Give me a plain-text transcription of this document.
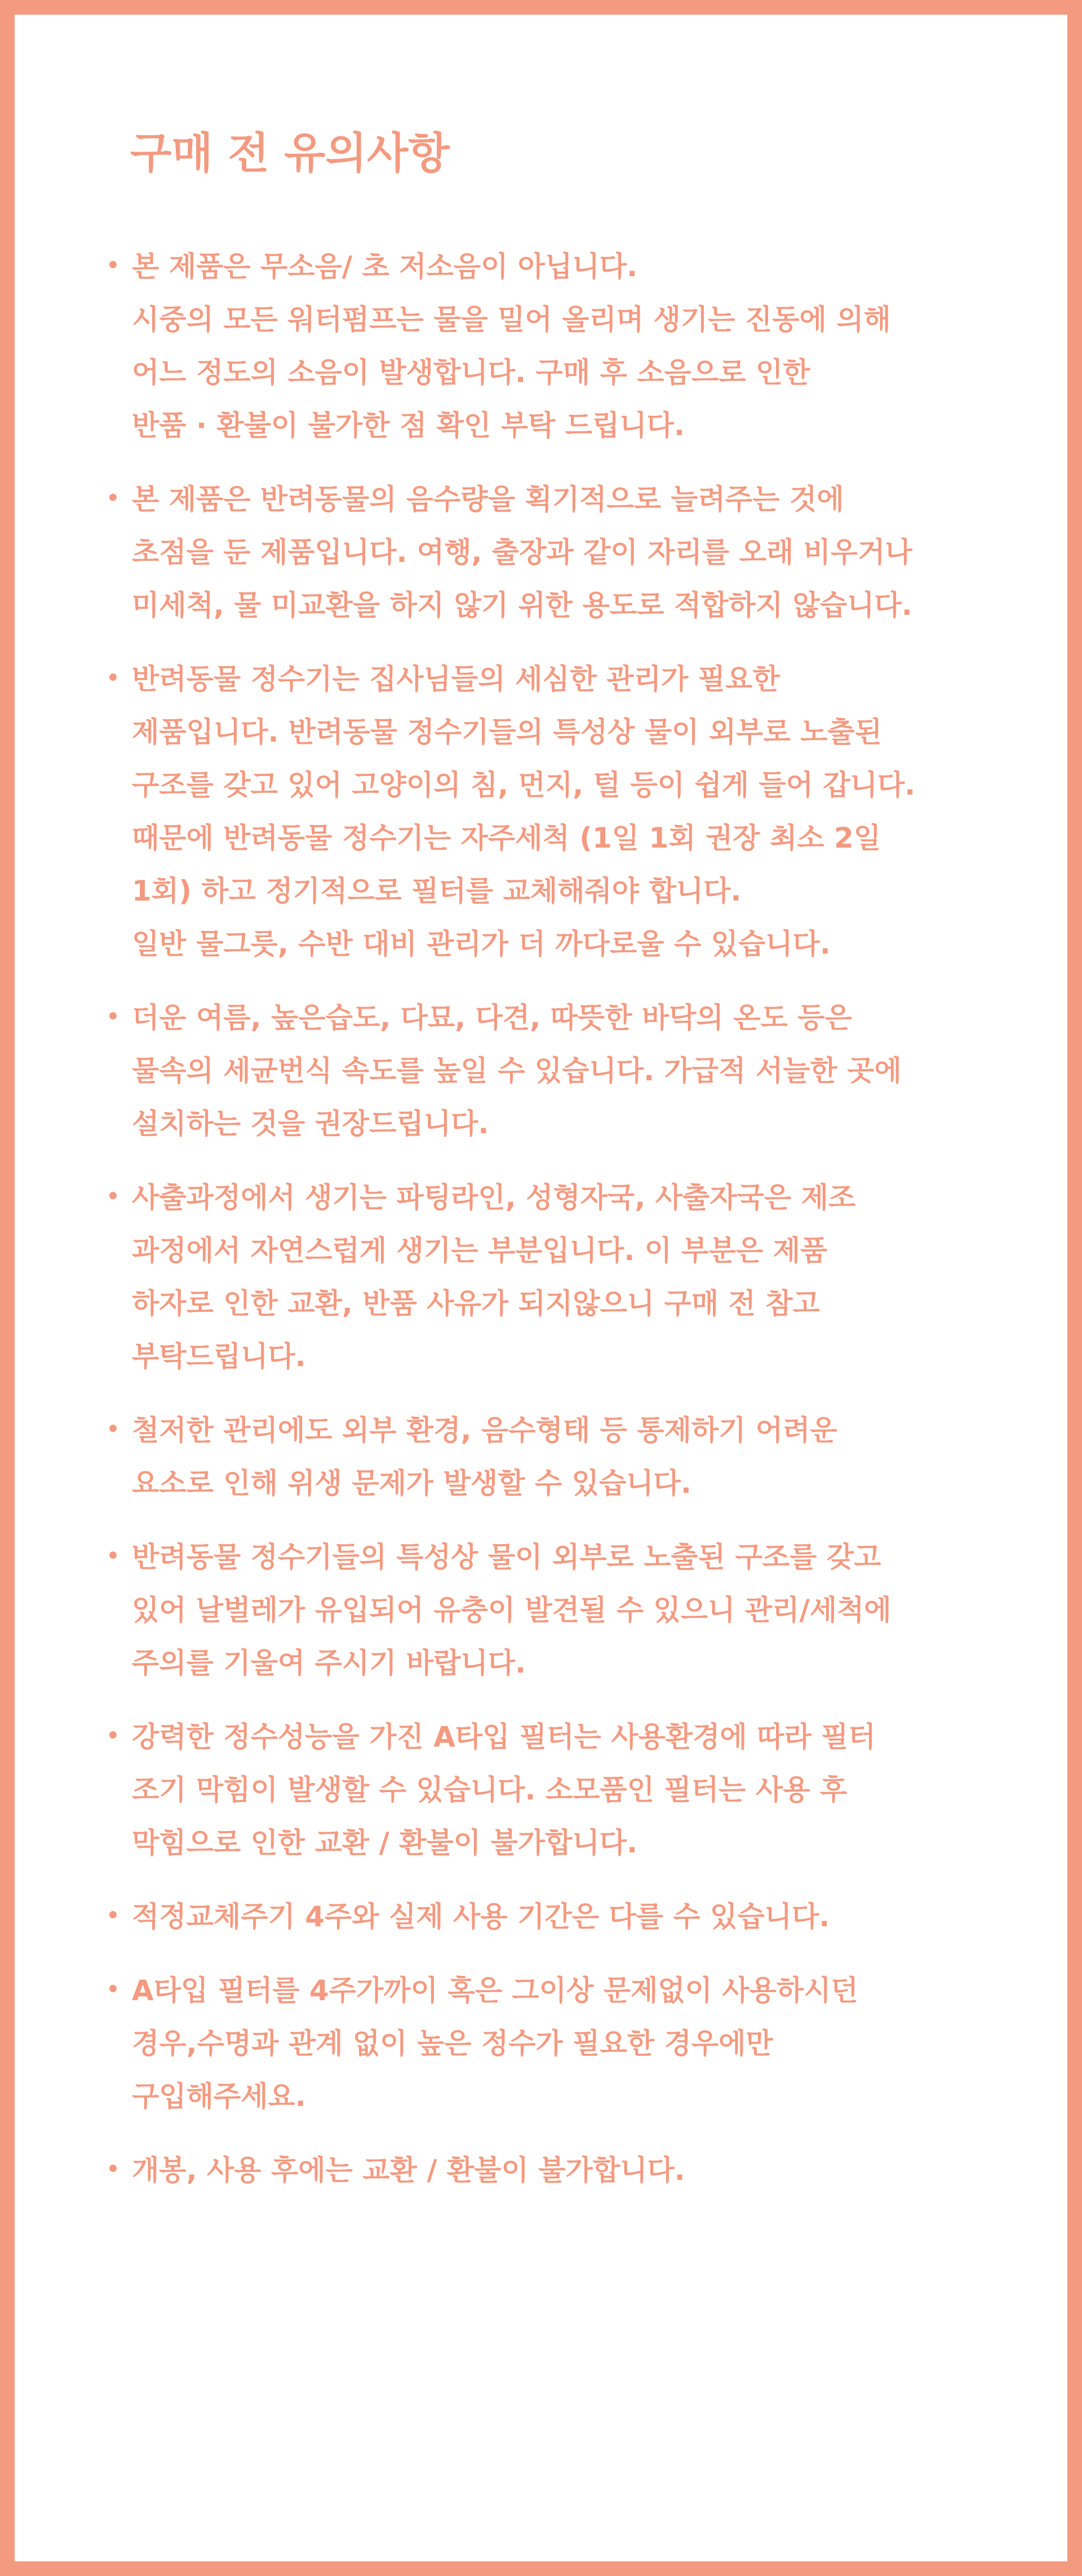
구매 전 유의사항
본 제품은 무소음/ 초 저소음이 아닙니다.
시중의 모든 워터펌프는 물을 밀어 올리며 생기는 진동에 의해
어느 정도의 소음이 발생합니다. 구매 후 소음으로 인한
반품 · 환불이 불가한 점 확인 부탁 드립니다.
본 제품은 반려동물의 음수량을 획기적으로 늘려주는 것에
초점을 둔 제품입니다. 여행, 출장과 같이 자리를 오래 비우거나
미세척, 물 미교환을 하지 않기 위한 용도로 적합하지 않습니다.
반려동물 정수기는 집사님들의 세심한 관리가 필요한
제품입니다. 반려동물 정수기들의 특성상 물이 외부로 노출된
구조를 갖고 있어 고양이의 침, 먼지, 털 등이 쉽게 들어 갑니다.
때문에 반려동물 정수기는 자주세척 (1일 1회 권장 최소 2일
1회) 하고 정기적으로 필터를 교체해줘야 합니다.
일반 물그릇, 수반 대비 관리가 더 까다로울 수 있습니다.
더운 여름, 높은습도, 다묘, 다견, 따뜻한 바닥의 온도 등은
물속의 세균번식 속도를 높일 수 있습니다. 가급적 서늘한 곳에
설치하는 것을 권장드립니다.
사출과정에서 생기는 파팅라인, 성형자국, 사출자국은 제조
과정에서 자연스럽게 생기는 부분입니다. 이 부분은 제품
하자로 인한 교환, 반품 사유가 되지않으니 구매 전 참고
부탁드립니다.
철저한 관리에도 외부 환경, 음수형태 등 통제하기 어려운
요소로 인해 위생 문제가 발생할 수 있습니다.
반려동물 정수기들의 특성상 물이 외부로 노출된 구조를 갖고
있어 날벌레가 유입되어 유충이 발견될 수 있으니 관리/세척에
주의를 기울여 주시기 바랍니다.
강력한 정수성능을 가진 A타입 필터는 사용환경에 따라 필터
조기 막힘이 발생할 수 있습니다. 소모품인 필터는 사용 후
막힘으로 인한 교환 / 환불이 불가합니다.
적정교체주기 4주와 실제 사용 기간은 다를 수 있습니다.
A타입 필터를 4주가까이 혹은 그이상 문제없이 사용하시던
경우,수명과 관계 없이 높은 정수가 필요한 경우에만
구입해주세요.
개봉, 사용 후에는 교환 / 환불이 불가합니다.
